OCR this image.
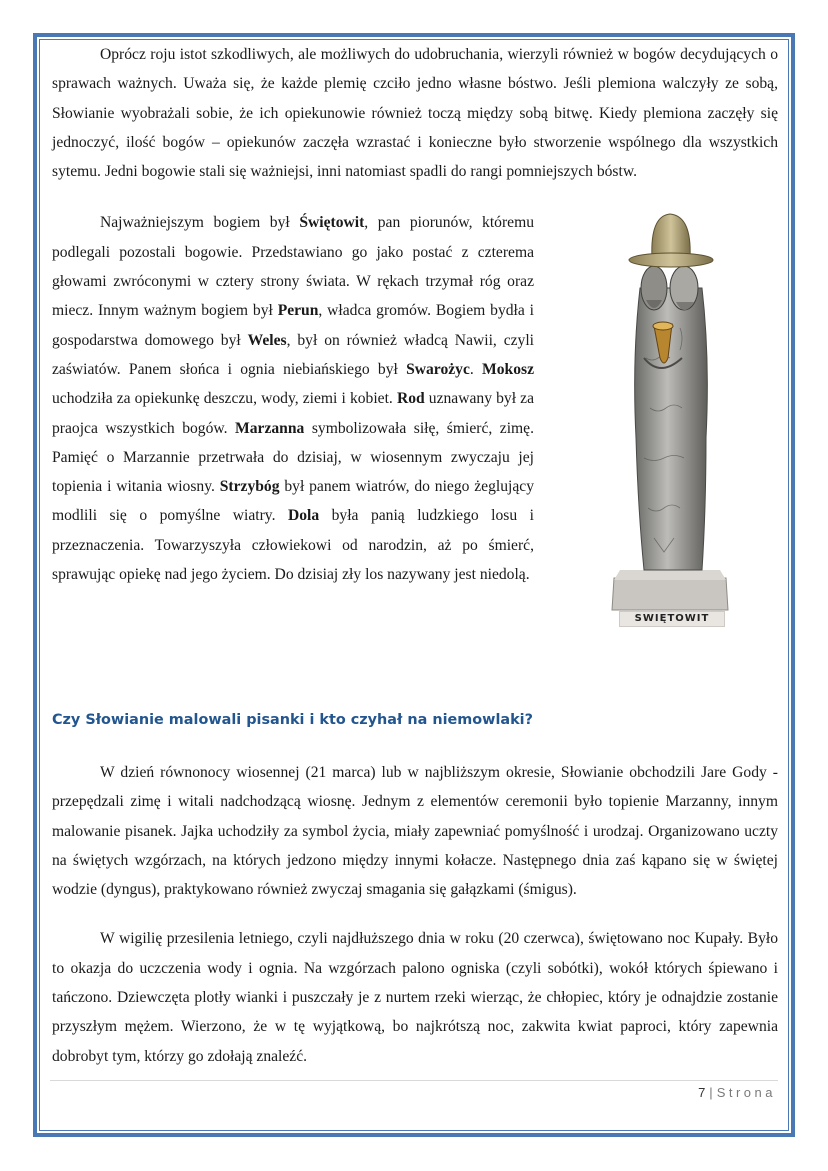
Oprócz roju istot szkodliwych, ale możliwych do udobruchania, wierzyli również w bogów decydujących o sprawach ważnych. Uważa się, że każde plemię czciło jedno własne bóstwo. Jeśli plemiona walczyły ze sobą, Słowianie wyobrażali sobie, że ich opiekunowie również toczą między sobą bitwę. Kiedy plemiona zaczęły się jednoczyć, ilość bogów – opiekunów zaczęła wzrastać i konieczne było stworzenie wspólnego dla wszystkich sytemu. Jedni bogowie stali się ważniejsi, inni natomiast spadli do rangi pomniejszych bóstw.

Najważniejszym bogiem był Świętowit, pan piorunów, któremu podlegali pozostali bogowie. Przedstawiano go jako postać z czterema głowami zwróconymi w cztery strony świata. W rękach trzymał róg oraz miecz. Innym ważnym bogiem był Perun, władca gromów. Bogiem bydła i gospodarstwa domowego był Weles, był on również władcą Nawii, czyli zaświatów. Panem słońca i ognia niebiańskiego był Swarożyc. Mokosz uchodziła za opiekunkę deszczu, wody, ziemi i kobiet. Rod uznawany był za praojca wszystkich bogów. Marzanna symbolizowała siłę, śmierć, zimę. Pamięć o Marzannie przetrwała do dzisiaj, w wiosennym zwyczaju jej topienia i witania wiosny. Strzybóg był panem wiatrów, do niego żeglujący modlili się o pomyślne wiatry. Dola była panią ludzkiego losu i przeznaczenia. Towarzyszyła człowiekowi od narodzin, aż po śmierć, sprawując opiekę nad jego życiem. Do dzisiaj zły los nazywany jest niedolą.

SWIĘTOWIT
Czy Słowianie malowali pisanki i kto czyhał na niemowlaki?

W dzień równonocy wiosennej (21 marca) lub w najbliższym okresie, Słowianie obchodzili Jare Gody - przepędzali zimę i witali nadchodzącą wiosnę. Jednym z elementów ceremonii było topienie Marzanny, innym malowanie pisanek. Jajka uchodziły za symbol życia, miały zapewniać pomyślność i urodzaj. Organizowano uczty na świętych wzgórzach, na których jedzono między innymi kołacze. Następnego dnia zaś kąpano się w świętej wodzie (dyngus), praktykowano również zwyczaj smagania się gałązkami (śmigus).

W wigilię przesilenia letniego, czyli najdłuższego dnia w roku (20 czerwca), świętowano noc Kupały. Było to okazja do uczczenia wody i ognia. Na wzgórzach palono ogniska (czyli sobótki), wokół których śpiewano i tańczono. Dziewczęta plotły wianki i puszczały je z nurtem rzeki wierząc, że chłopiec, który je odnajdzie zostanie przyszłym mężem. Wierzono, że w tę wyjątkową, bo najkrótszą noc, zakwita kwiat paproci, który zapewnia dobrobyt tym, którzy go zdołają znaleźć.

7 | Strona
